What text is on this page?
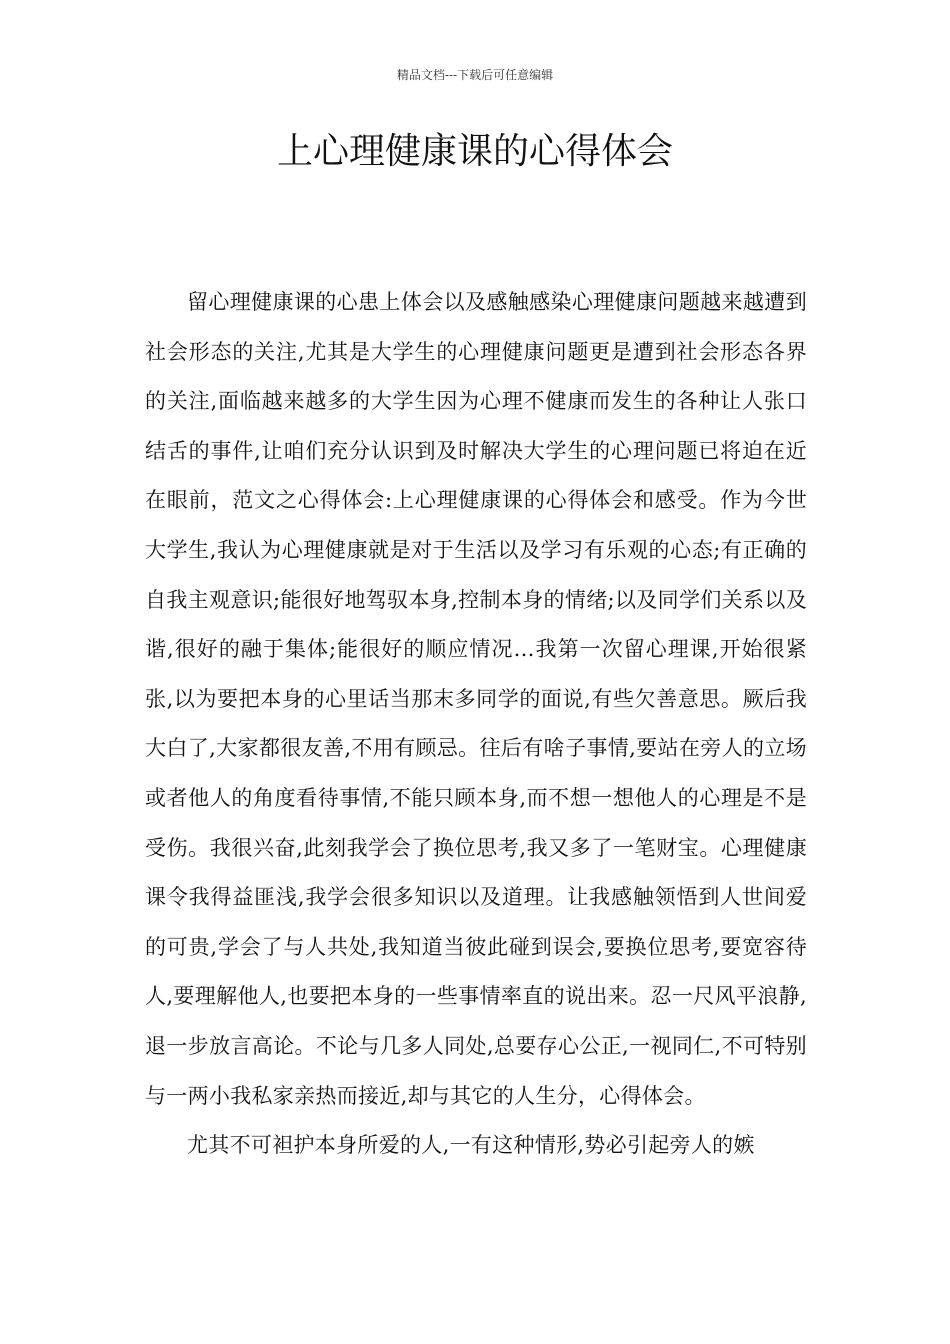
精品文档---下载后可任意编辑
上心理健康课的心得体会

留心理健康课的心患上体会以及感触感染心理健康问题越来越遭到社会形态的关注,尤其是大学生的心理健康问题更是遭到社会形态各界的关注,面临越来越多的大学生因为心理不健康而发生的各种让人张口结舌的事件,让咱们充分认识到及时解决大学生的心理问题已将迫在近在眼前，范文之心得体会:上心理健康课的心得体会和感受。作为今世大学生,我认为心理健康就是对于生活以及学习有乐观的心态;有正确的自我主观意识;能很好地驾驭本身,控制本身的情绪;以及同学们关系以及谐,很好的融于集体;能很好的顺应情况…我第一次留心理课,开始很紧张,以为要把本身的心里话当那末多同学的面说,有些欠善意思。厥后我大白了,大家都很友善,不用有顾忌。往后有啥子事情,要站在旁人的立场或者他人的角度看待事情,不能只顾本身,而不想一想他人的心理是不是受伤。我很兴奋,此刻我学会了换位思考,我又多了一笔财宝。心理健康课令我得益匪浅,我学会很多知识以及道理。让我感触领悟到人世间爱的可贵,学会了与人共处,我知道当彼此碰到误会,要换位思考,要宽容待人,要理解他人,也要把本身的一些事情率直的说出来。忍一尺风平浪静,退一步放言高论。不论与几多人同处,总要存心公正,一视同仁,不可特别与一两小我私家亲热而接近,却与其它的人生分，心得体会。

尤其不可袒护本身所爱的人,一有这种情形,势必引起旁人的嫉
